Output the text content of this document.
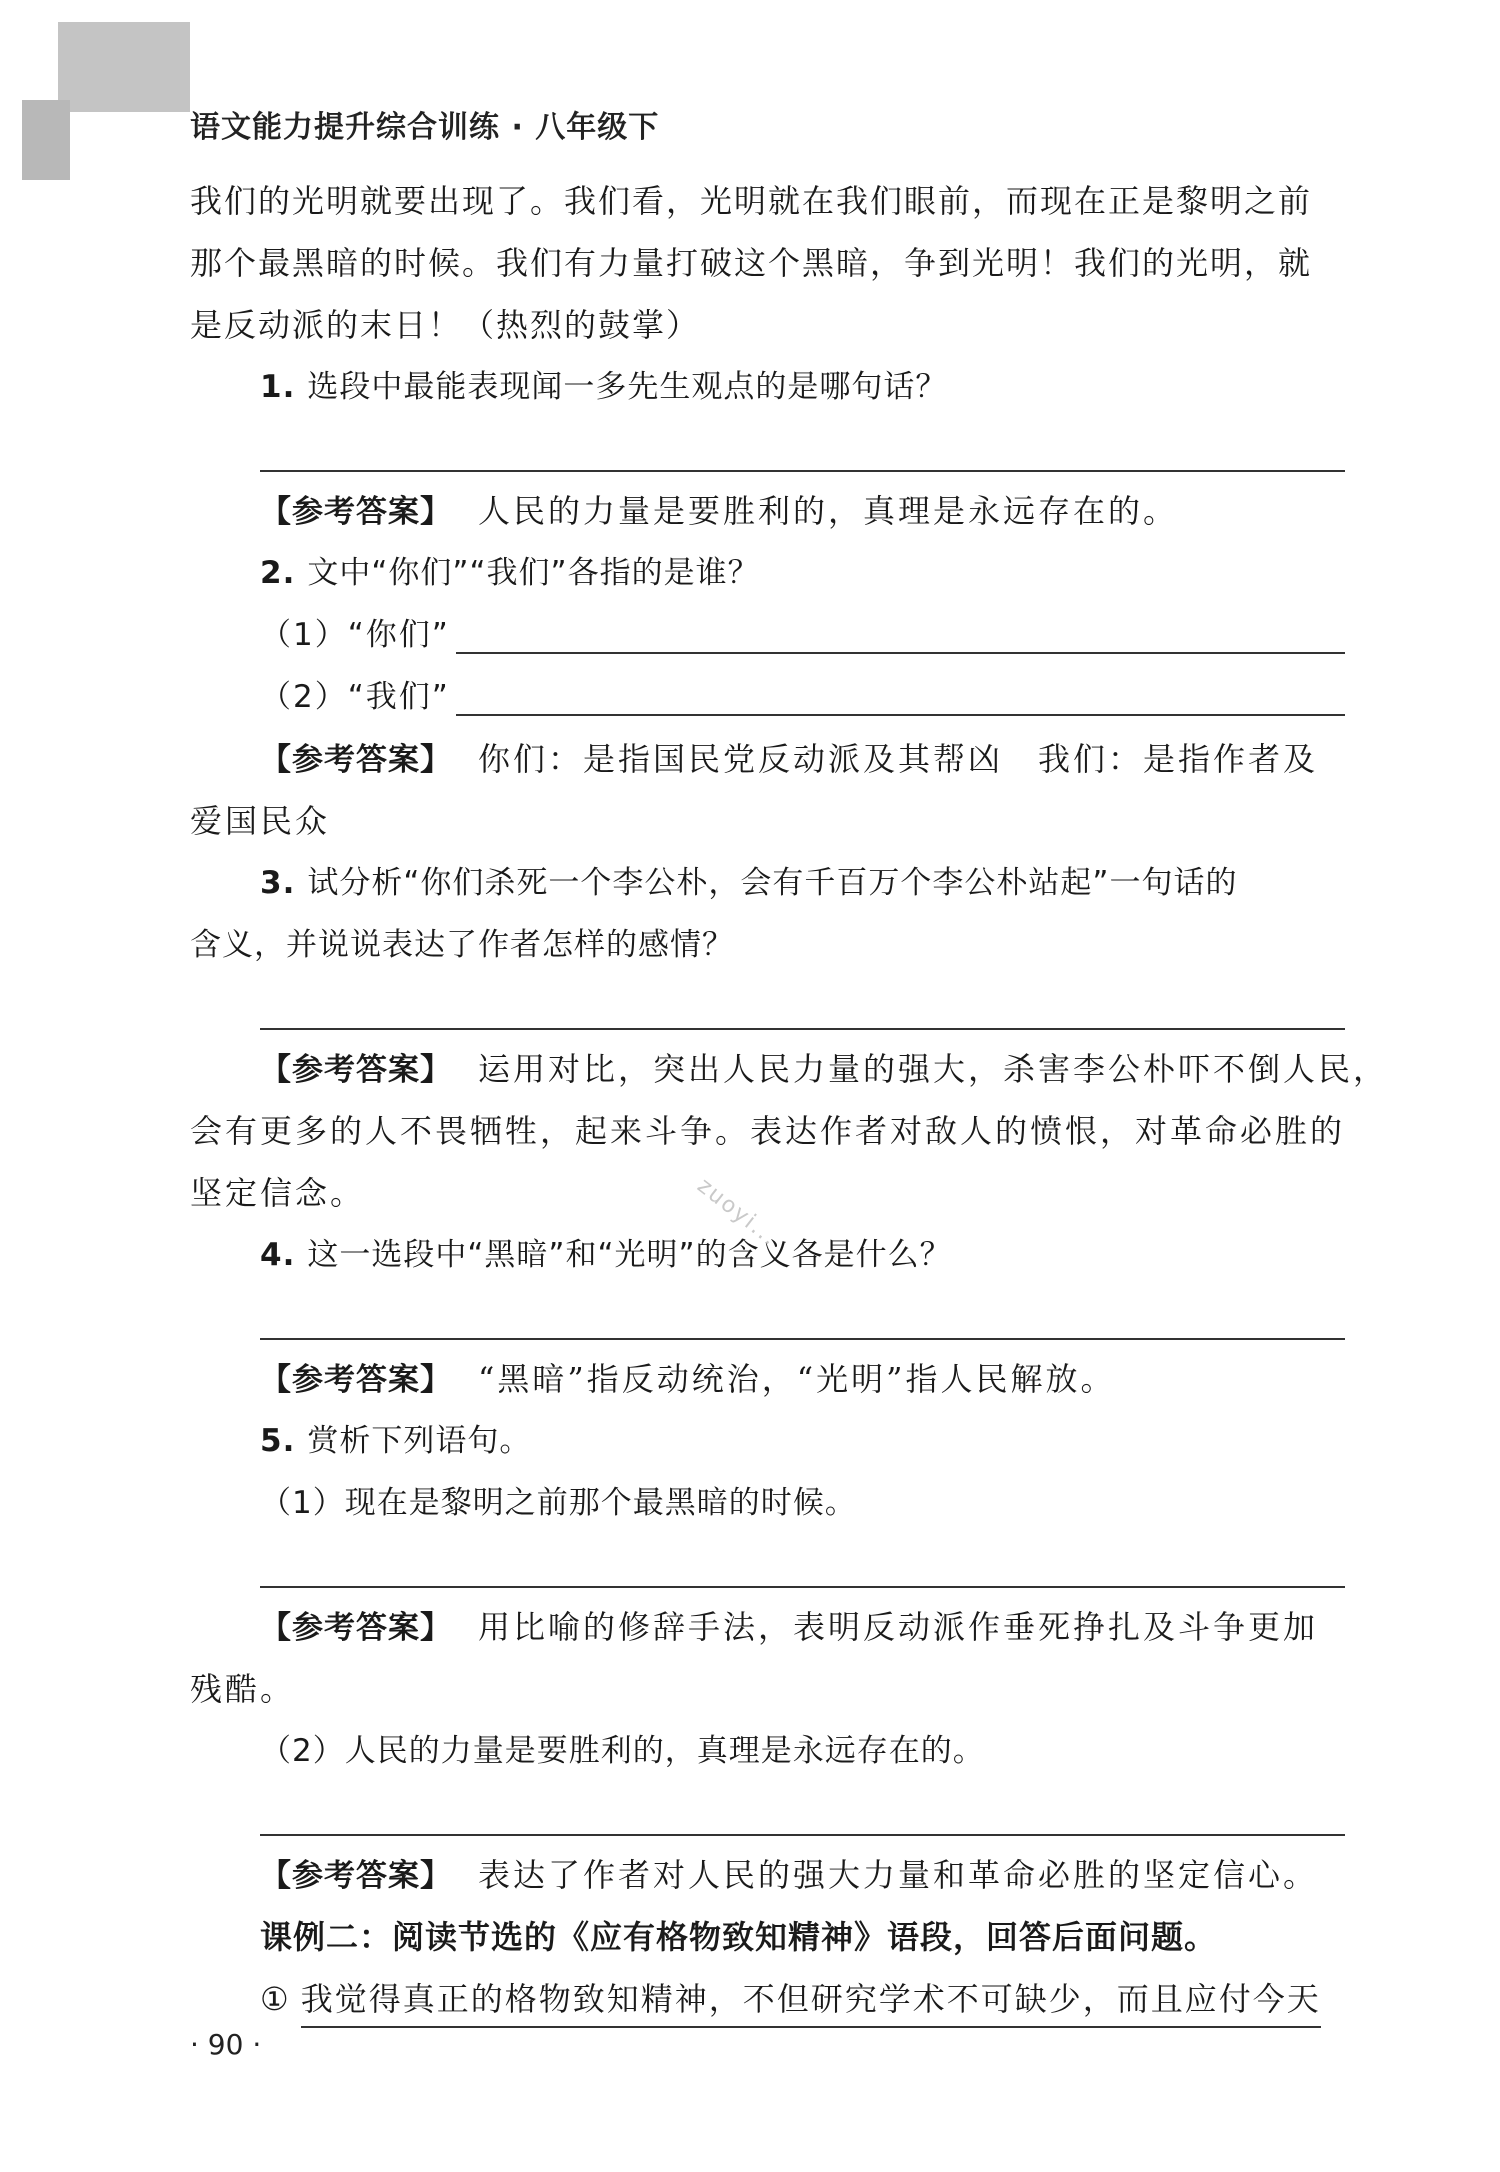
语文能力提升综合训练 · 八年级下
我们的光明就要出现了。我们看，光明就在我们眼前，而现在正是黎明之前
那个最黑暗的时候。我们有力量打破这个黑暗，争到光明！我们的光明，就
是反动派的末日！（热烈的鼓掌）
1. 选段中最能表现闻一多先生观点的是哪句话？
【参考答案】 人民的力量是要胜利的，真理是永远存在的。
2. 文中“你们”“我们”各指的是谁？
（1）“你们”
（2）“我们”
【参考答案】 你们：是指国民党反动派及其帮凶　我们：是指作者及
爱国民众
3. 试分析“你们杀死一个李公朴，会有千百万个李公朴站起”一句话的
含义，并说说表达了作者怎样的感情？
【参考答案】 运用对比，突出人民力量的强大，杀害李公朴吓不倒人民，
会有更多的人不畏牺牲，起来斗争。表达作者对敌人的愤恨，对革命必胜的
坚定信念。
4. 这一选段中“黑暗”和“光明”的含义各是什么？
【参考答案】 “黑暗”指反动统治，“光明”指人民解放。
5. 赏析下列语句。
（1）现在是黎明之前那个最黑暗的时候。
【参考答案】 用比喻的修辞手法，表明反动派作垂死挣扎及斗争更加
残酷。
（2）人民的力量是要胜利的，真理是永远存在的。
【参考答案】 表达了作者对人民的强大力量和革命必胜的坚定信心。
课例二：阅读节选的《应有格物致知精神》语段，回答后面问题。
① 我觉得真正的格物致知精神，不但研究学术不可缺少，而且应付今天
zuoyi...
· 90 ·
